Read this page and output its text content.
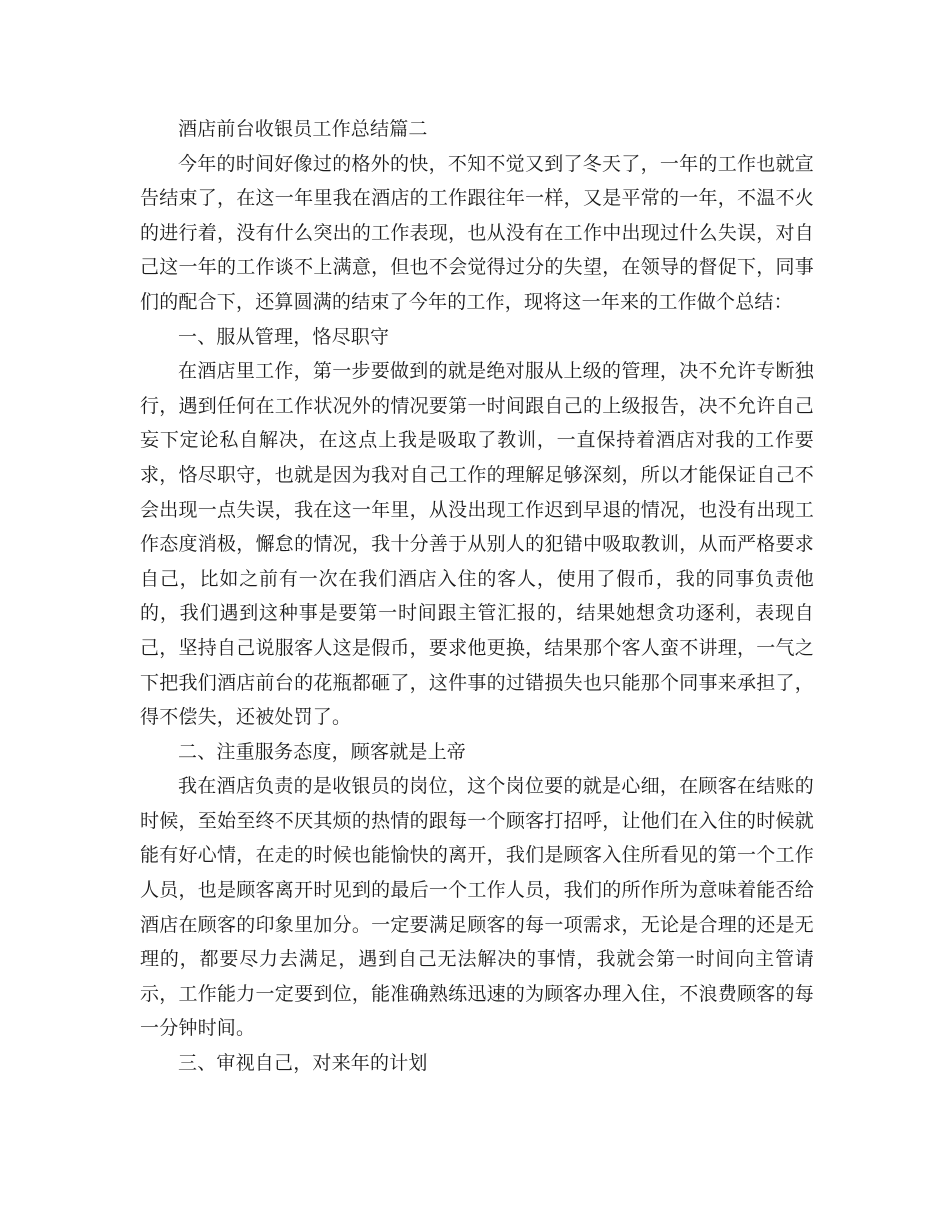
酒店前台收银员工作总结篇二

今年的时间好像过的格外的快，不知不觉又到了冬天了，一年的工作也就宣告结束了，在这一年里我在酒店的工作跟往年一样，又是平常的一年，不温不火的进行着，没有什么突出的工作表现，也从没有在工作中出现过什么失误，对自己这一年的工作谈不上满意，但也不会觉得过分的失望，在领导的督促下，同事们的配合下，还算圆满的结束了今年的工作，现将这一年来的工作做个总结：

一、服从管理，恪尽职守

在酒店里工作，第一步要做到的就是绝对服从上级的管理，决不允许专断独行，遇到任何在工作状况外的情况要第一时间跟自己的上级报告，决不允许自己妄下定论私自解决，在这点上我是吸取了教训，一直保持着酒店对我的工作要求，恪尽职守，也就是因为我对自己工作的理解足够深刻，所以才能保证自己不会出现一点失误，我在这一年里，从没出现工作迟到早退的情况，也没有出现工作态度消极，懈怠的情况，我十分善于从别人的犯错中吸取教训，从而严格要求自己，比如之前有一次在我们酒店入住的客人，使用了假币，我的同事负责他的，我们遇到这种事是要第一时间跟主管汇报的，结果她想贪功逐利，表现自己，坚持自己说服客人这是假币，要求他更换，结果那个客人蛮不讲理，一气之下把我们酒店前台的花瓶都砸了，这件事的过错损失也只能那个同事来承担了，得不偿失，还被处罚了。

二、注重服务态度，顾客就是上帝

我在酒店负责的是收银员的岗位，这个岗位要的就是心细，在顾客在结账的时候，至始至终不厌其烦的热情的跟每一个顾客打招呼，让他们在入住的时候就能有好心情，在走的时候也能愉快的离开，我们是顾客入住所看见的第一个工作人员，也是顾客离开时见到的最后一个工作人员，我们的所作所为意味着能否给酒店在顾客的印象里加分。一定要满足顾客的每一项需求，无论是合理的还是无理的，都要尽力去满足，遇到自己无法解决的事情，我就会第一时间向主管请示，工作能力一定要到位，能准确熟练迅速的为顾客办理入住，不浪费顾客的每一分钟时间。

三、审视自己，对来年的计划
